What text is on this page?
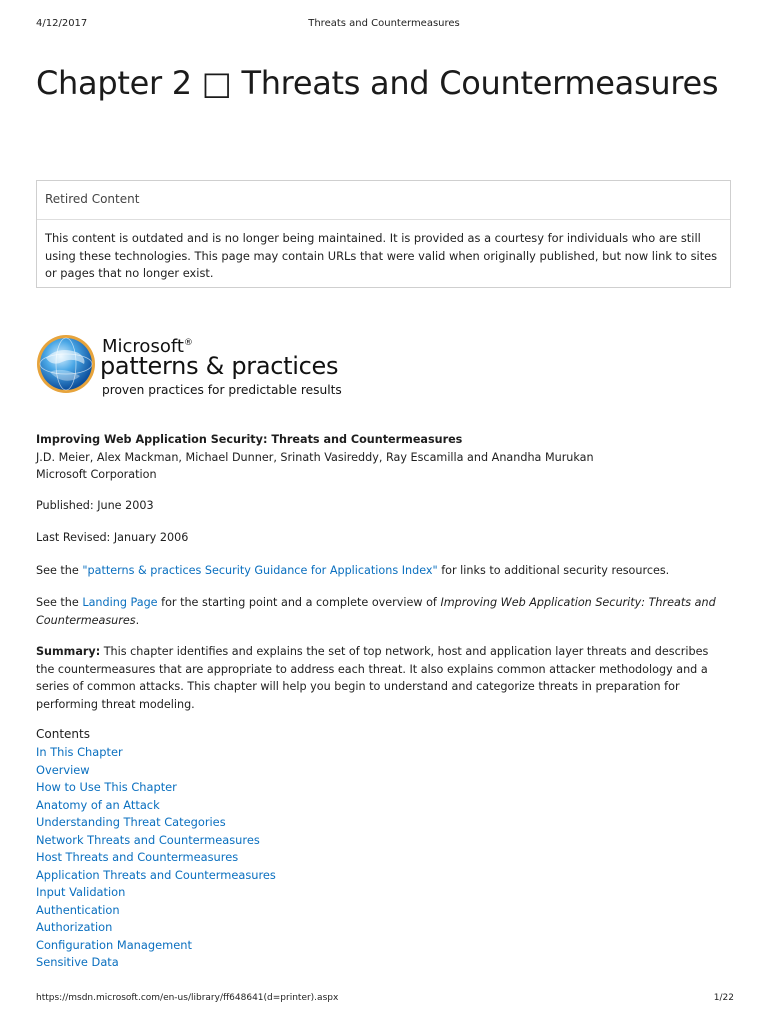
4/12/2017	Threats and Countermeasures
Chapter 2 □ Threats and Countermeasures
Retired Content
This content is outdated and is no longer being maintained. It is provided as a courtesy for individuals who are still using these technologies. This page may contain URLs that were valid when originally published, but now link to sites or pages that no longer exist.
Microsoft®
patterns & practices
proven practices for predictable results
Improving Web Application Security: Threats and Countermeasures
J.D. Meier, Alex Mackman, Michael Dunner, Srinath Vasireddy, Ray Escamilla and Anandha Murukan
Microsoft Corporation
Published: June 2003
Last Revised: January 2006
See the "patterns & practices Security Guidance for Applications Index" for links to additional security resources.
See the Landing Page for the starting point and a complete overview of Improving Web Application Security: Threats and Countermeasures.
Summary: This chapter identifies and explains the set of top network, host and application layer threats and describes the countermeasures that are appropriate to address each threat. It also explains common attacker methodology and a series of common attacks. This chapter will help you begin to understand and categorize threats in preparation for performing threat modeling.
Contents
In This Chapter
Overview
How to Use This Chapter
Anatomy of an Attack
Understanding Threat Categories
Network Threats and Countermeasures
Host Threats and Countermeasures
Application Threats and Countermeasures
Input Validation
Authentication
Authorization
Configuration Management
Sensitive Data
https://msdn.microsoft.com/en-us/library/ff648641(d=printer).aspx	1/22
